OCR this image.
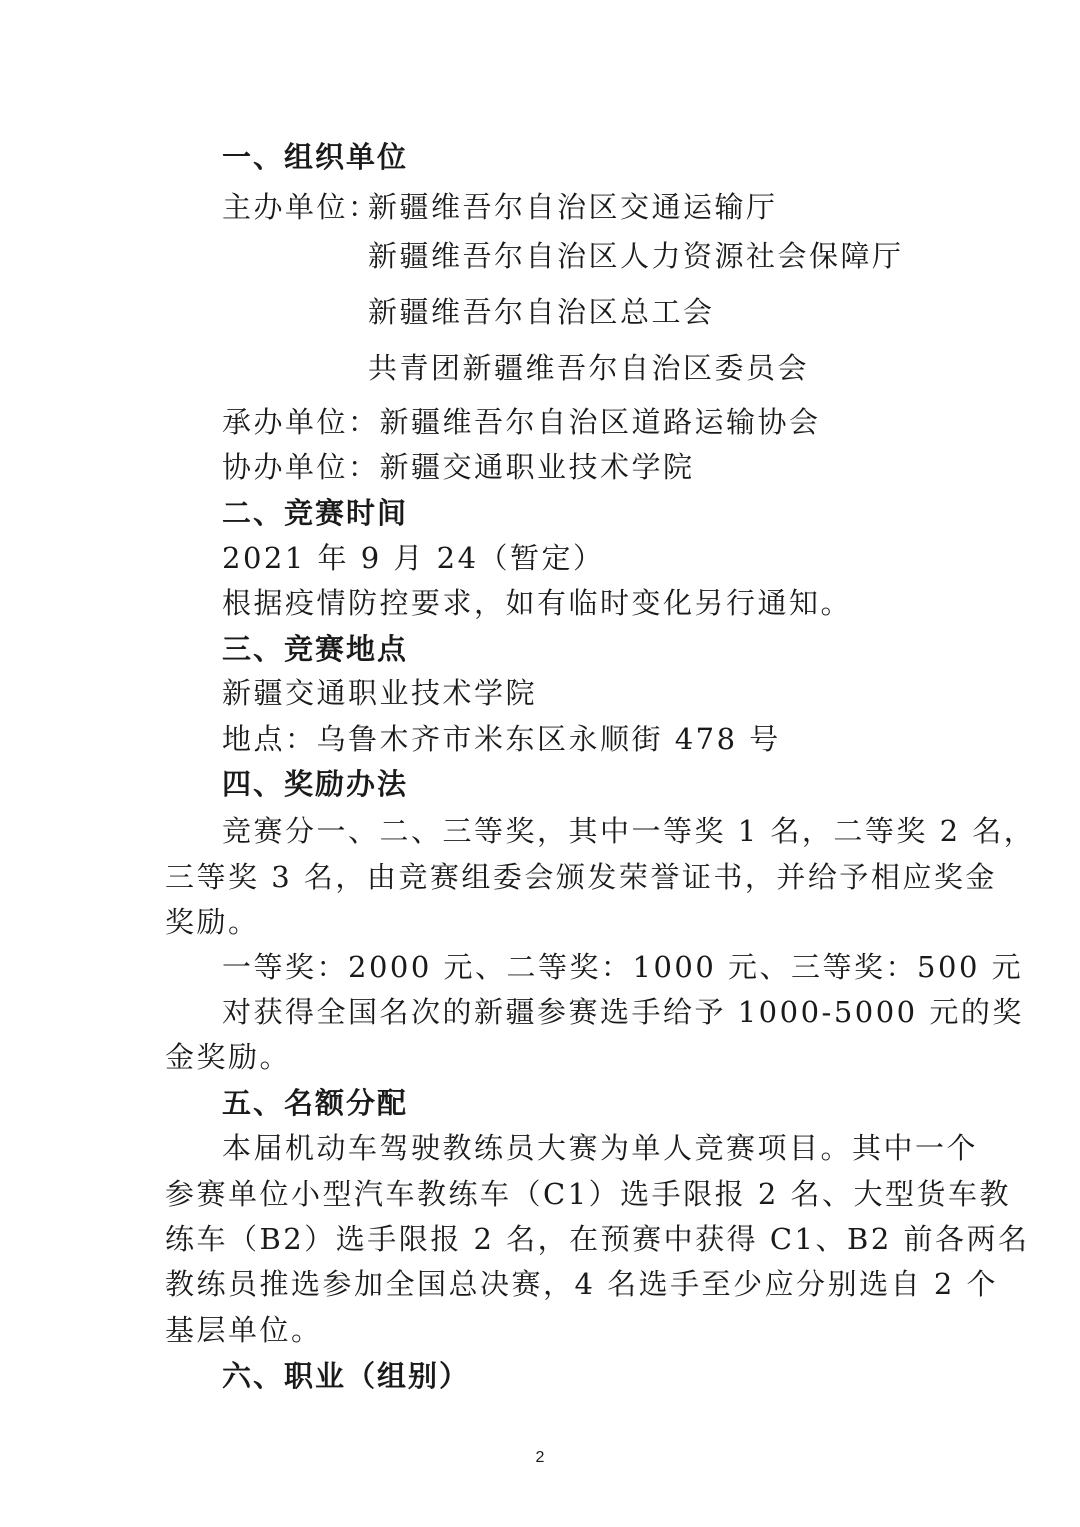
一、组织单位
主办单位：
新疆维吾尔自治区交通运输厅
新疆维吾尔自治区人力资源社会保障厅
新疆维吾尔自治区总工会
共青团新疆维吾尔自治区委员会
承办单位：新疆维吾尔自治区道路运输协会
协办单位：新疆交通职业技术学院
二、竞赛时间
2021 年 9 月 24（暂定）
根据疫情防控要求，如有临时变化另行通知。
三、竞赛地点
新疆交通职业技术学院
地点：乌鲁木齐市米东区永顺街 478 号
四、奖励办法
竞赛分一、二、三等奖，其中一等奖 1 名，二等奖 2 名，
三等奖 3 名，由竞赛组委会颁发荣誉证书，并给予相应奖金
奖励。
一等奖：2000 元、二等奖：1000 元、三等奖：500 元
对获得全国名次的新疆参赛选手给予 1000-5000 元的奖
金奖励。
五、名额分配
本届机动车驾驶教练员大赛为单人竞赛项目。其中一个
参赛单位小型汽车教练车（C1）选手限报 2 名、大型货车教
练车（B2）选手限报 2 名，在预赛中获得 C1、B2 前各两名
教练员推选参加全国总决赛，4 名选手至少应分别选自 2 个
基层单位。
六、职业（组别）
2
